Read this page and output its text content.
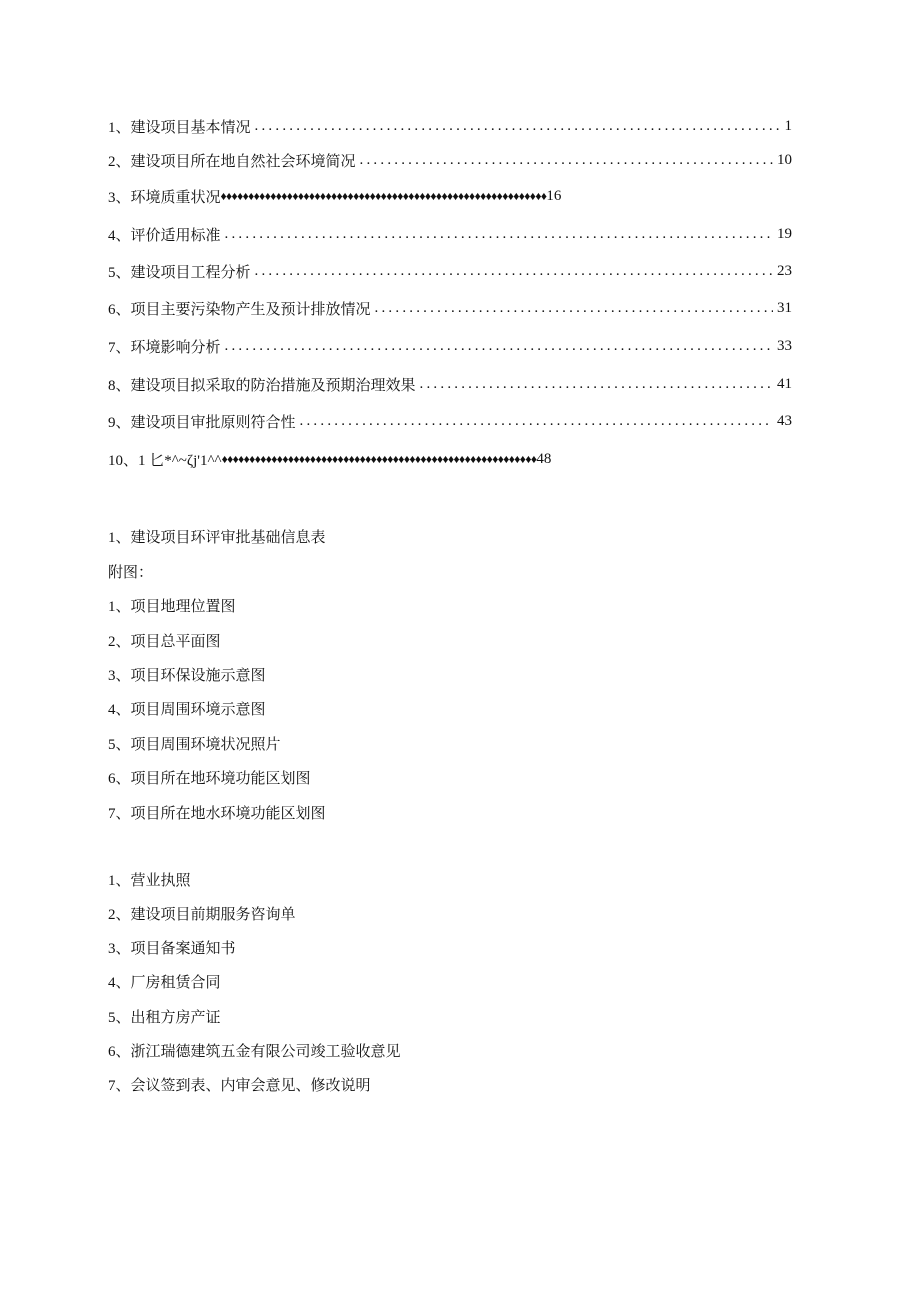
1、建设项目基本情况 .....	1
2、建设项目所在地自然社会环境简况 .....	10
3、环境质重状况 ♦♦♦♦♦♦♦♦♦♦♦♦♦♦♦♦♦♦♦♦♦♦♦♦♦♦♦♦♦♦♦♦♦♦♦♦♦♦♦♦♦♦♦♦♦♦♦♦♦♦♦♦♦♦♦♦♦♦♦ 16
4、评价适用标准 .....	19
5、建设项目工程分析 .....	23
6、项目主要污染物产生及预计排放情况 .....	31
7、环境影响分析 .....	33
8、建设项目拟采取的防治措施及预期治理效果 .....	41
9、建设项目审批原则符合性 .....	43
10、1 匕*^~ζj'1^^ ♦♦♦♦♦♦♦♦♦♦♦♦♦♦♦♦♦♦♦♦♦♦♦♦♦♦♦♦♦♦♦♦♦♦♦♦♦♦♦♦♦♦♦♦♦♦♦♦♦♦♦♦♦♦♦♦♦ 48
1、建设项目环评审批基础信息表
附图：
1、项目地理位置图
2、项目总平面图
3、项目环保设施示意图
4、项目周围环境示意图
5、项目周围环境状况照片
6、项目所在地环境功能区划图
7、项目所在地水环境功能区划图
1、营业执照
2、建设项目前期服务咨询单
3、项目备案通知书
4、厂房租赁合同
5、出租方房产证
6、浙江瑞德建筑五金有限公司竣工验收意见
7、会议签到表、内审会意见、修改说明
